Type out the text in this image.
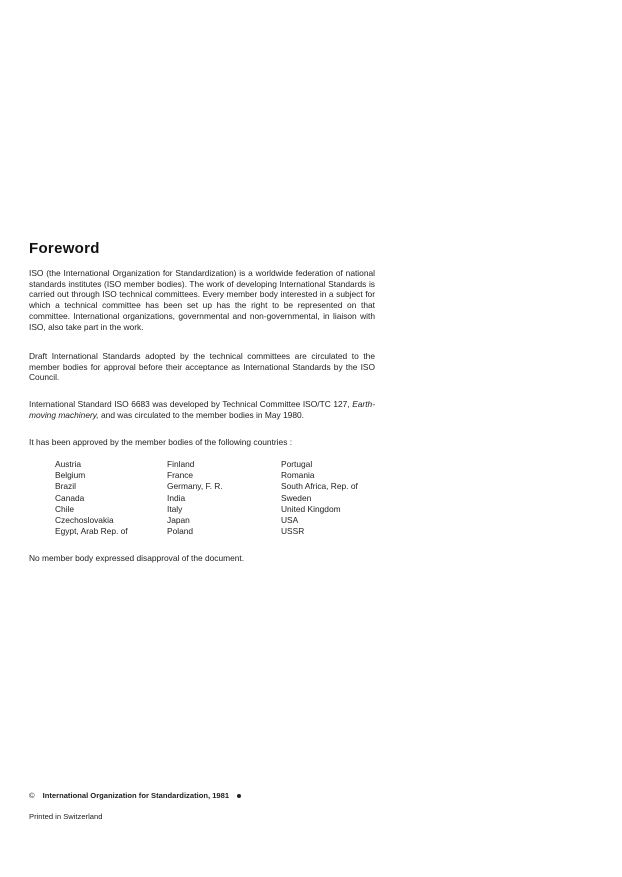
Foreword

ISO (the International Organization for Standardization) is a worldwide federation of national standards institutes (ISO member bodies). The work of developing International Standards is carried out through ISO technical committees. Every member body interested in a subject for which a technical committee has been set up has the right to be represented on that committee. International organizations, governmental and non-governmental, in liaison with ISO, also take part in the work.

Draft International Standards adopted by the technical committees are circulated to the member bodies for approval before their acceptance as International Standards by the ISO Council.

International Standard ISO 6683 was developed by Technical Committee ISO/TC 127, Earth-moving machinery, and was circulated to the member bodies in May 1980.

It has been approved by the member bodies of the following countries :

Austria
Belgium
Brazil
Canada
Chile
Czechoslovakia
Egypt, Arab Rep. of
Finland
France
Germany, F. R.
India
Italy
Japan
Poland
Portugal
Romania
South Africa, Rep. of
Sweden
United Kingdom
USA
USSR

No member body expressed disapproval of the document.

© International Organization for Standardization, 1981
Printed in Switzerland
